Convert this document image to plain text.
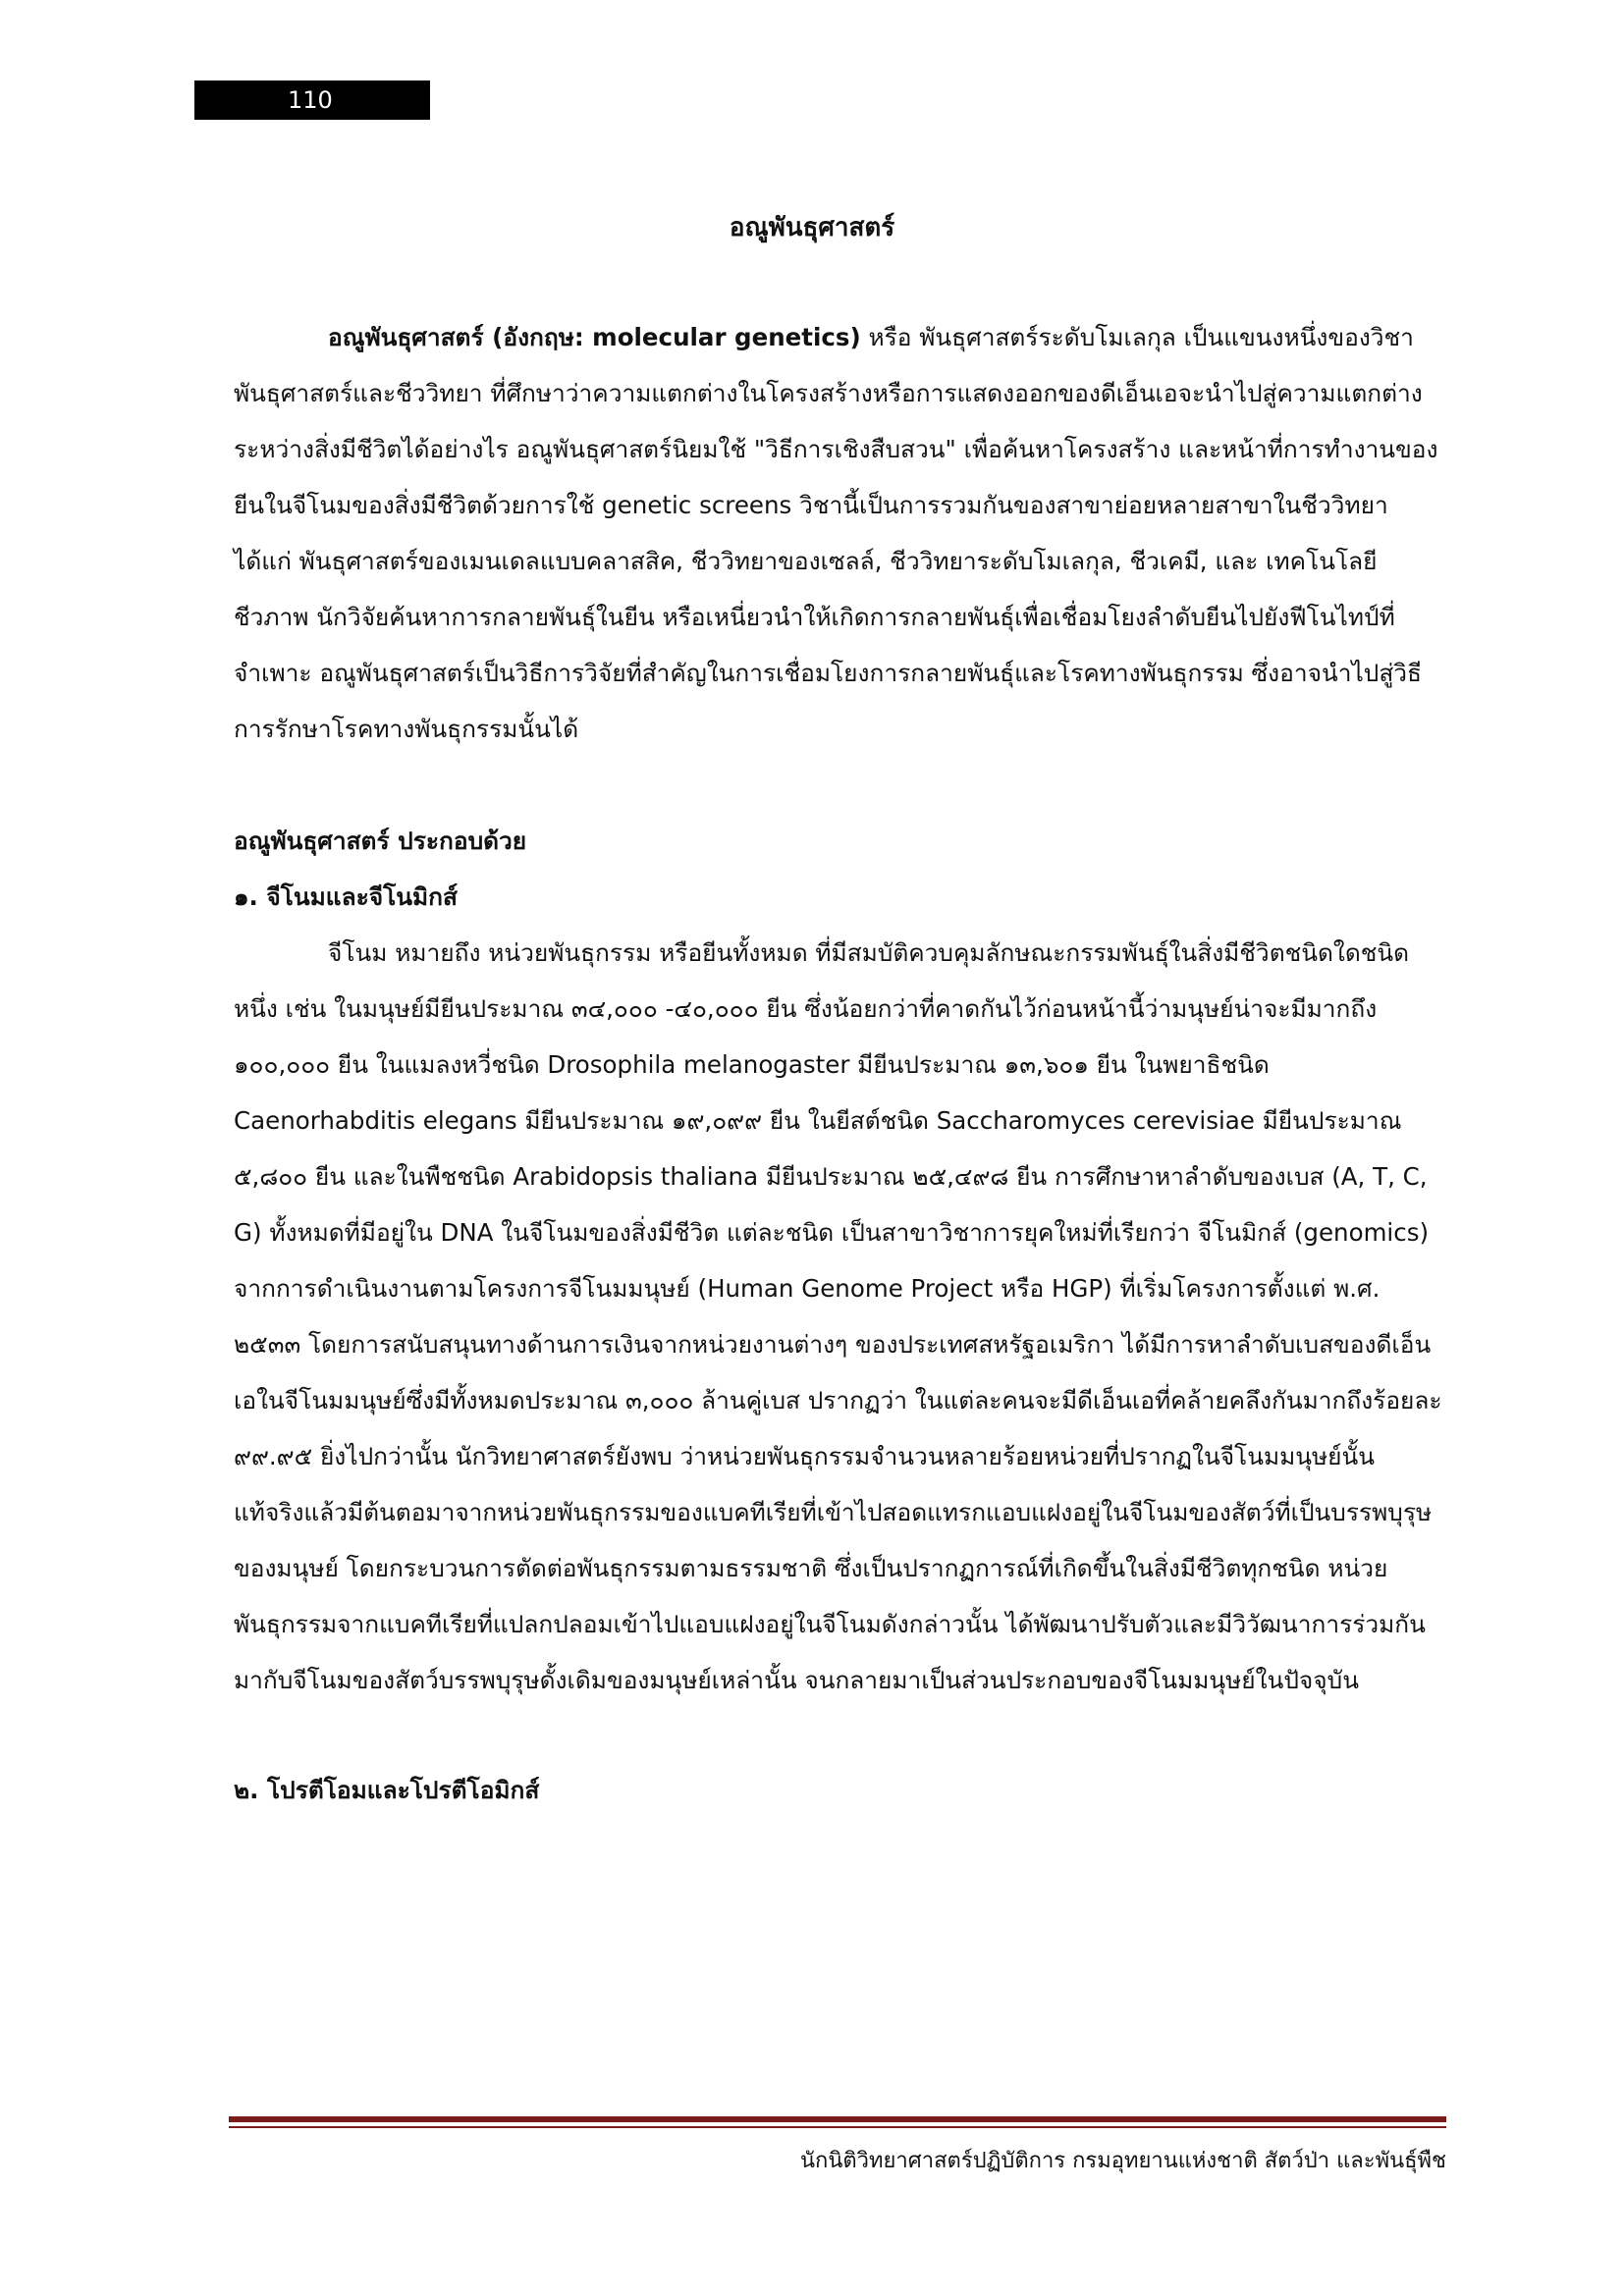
110
อณูพันธุศาสตร์

อณูพันธุศาสตร์ (อังกฤษ: molecular genetics) หรือ พันธุศาสตร์ระดับโมเลกุล เป็นแขนงหนึ่งของวิชาพันธุศาสตร์และชีววิทยา ที่ศึกษาว่าความแตกต่างในโครงสร้างหรือการแสดงออกของดีเอ็นเอจะนำไปสู่ความแตกต่างระหว่างสิ่งมีชีวิตได้อย่างไร อณูพันธุศาสตร์นิยมใช้ "วิธีการเชิงสืบสวน" เพื่อค้นหาโครงสร้าง และหน้าที่การทำงานของยีนในจีโนมของสิ่งมีชีวิตด้วยการใช้ genetic screens วิชานี้เป็นการรวมกันของสาขาย่อยหลายสาขาในชีววิทยา ได้แก่ พันธุศาสตร์ของเมนเดลแบบคลาสสิค, ชีววิทยาของเซลล์, ชีววิทยาระดับโมเลกุล, ชีวเคมี, และ เทคโนโลยีชีวภาพ นักวิจัยค้นหาการกลายพันธุ์ในยีน หรือเหนี่ยวนำให้เกิดการกลายพันธุ์เพื่อเชื่อมโยงลำดับยีนไปยังฟีโนไทป์ที่จำเพาะ อณูพันธุศาสตร์เป็นวิธีการวิจัยที่สำคัญในการเชื่อมโยงการกลายพันธุ์และโรคทางพันธุกรรม ซึ่งอาจนำไปสู่วิธีการรักษาโรคทางพันธุกรรมนั้นได้

อณูพันธุศาสตร์ ประกอบด้วย

๑. จีโนมและจีโนมิกส์

จีโนม หมายถึง หน่วยพันธุกรรม หรือยีนทั้งหมด ที่มีสมบัติควบคุมลักษณะกรรมพันธุ์ในสิ่งมีชีวิตชนิดใดชนิดหนึ่ง เช่น ในมนุษย์มียีนประมาณ ๓๔,๐๐๐ -๔๐,๐๐๐ ยีน ซึ่งน้อยกว่าที่คาดกันไว้ก่อนหน้านี้ว่ามนุษย์น่าจะมีมากถึง ๑๐๐,๐๐๐ ยีน ในแมลงหวี่ชนิด Drosophila melanogaster มียีนประมาณ ๑๓,๖๐๑ ยีน ในพยาธิชนิด Caenorhabditis elegans มียีนประมาณ ๑๙,๐๙๙ ยีน ในยีสต์ชนิด Saccharomyces cerevisiae มียีนประมาณ ๕,๘๐๐ ยีน และในพืชชนิด Arabidopsis thaliana มียีนประมาณ ๒๕,๔๙๘ ยีน การศึกษาหาลำดับของเบส (A, T, C, G) ทั้งหมดที่มีอยู่ใน DNA ในจีโนมของสิ่งมีชีวิต แต่ละชนิด เป็นสาขาวิชาการยุคใหม่ที่เรียกว่า จีโนมิกส์ (genomics) จากการดำเนินงานตามโครงการจีโนมมนุษย์ (Human Genome Project หรือ HGP) ที่เริ่มโครงการตั้งแต่ พ.ศ. ๒๕๓๓ โดยการสนับสนุนทางด้านการเงินจากหน่วยงานต่างๆ ของประเทศสหรัฐอเมริกา ได้มีการหาลำดับเบสของดีเอ็นเอในจีโนมมนุษย์ซึ่งมีทั้งหมดประมาณ ๓,๐๐๐ ล้านคู่เบส ปรากฏว่า ในแต่ละคนจะมีดีเอ็นเอที่คล้ายคลึงกันมากถึงร้อยละ ๙๙.๙๕ ยิ่งไปกว่านั้น นักวิทยาศาสตร์ยังพบ ว่าหน่วยพันธุกรรมจำนวนหลายร้อยหน่วยที่ปรากฏในจีโนมมนุษย์นั้น แท้จริงแล้วมีต้นตอมาจากหน่วยพันธุกรรมของแบคทีเรียที่เข้าไปสอดแทรกแอบแฝงอยู่ในจีโนมของสัตว์ที่เป็นบรรพบุรุษของมนุษย์ โดยกระบวนการตัดต่อพันธุกรรมตามธรรมชาติ ซึ่งเป็นปรากฏการณ์ที่เกิดขึ้นในสิ่งมีชีวิตทุกชนิด หน่วยพันธุกรรมจากแบคทีเรียที่แปลกปลอมเข้าไปแอบแฝงอยู่ในจีโนมดังกล่าวนั้น ได้พัฒนาปรับตัวและมีวิวัฒนาการร่วมกันมากับจีโนมของสัตว์บรรพบุรุษดั้งเดิมของมนุษย์เหล่านั้น จนกลายมาเป็นส่วนประกอบของจีโนมมนุษย์ในปัจจุบัน

๒. โปรตีโอมและโปรตีโอมิกส์

นักนิติวิทยาศาสตร์ปฏิบัติการ กรมอุทยานแห่งชาติ สัตว์ป่า และพันธุ์พืช
